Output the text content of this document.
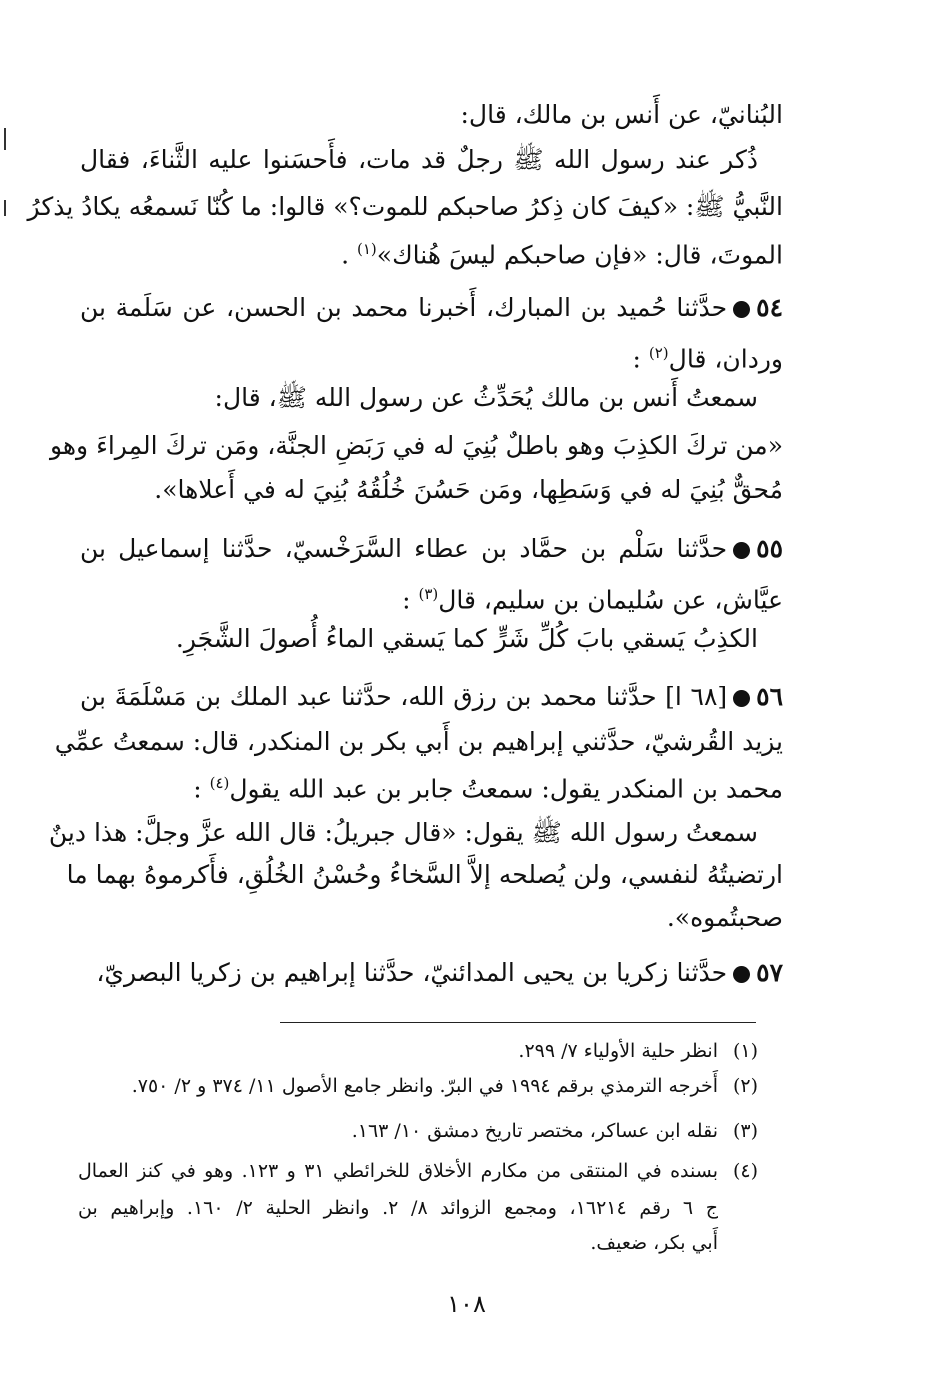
البُنانيّ، عن أَنس بن مالك، قال:
ذُكر عند رسول الله ﷺ رجلٌ قد مات، فأَحسَنوا عليه الثَّناءَ، فقال
النَّبيُّ ﷺ: «كيفَ كان ذِكرُ صاحبكم للموت؟» قالوا: ما كُنّا نَسمعُه يكادُ يذكرُ
الموتَ، قال: «فإن صاحبكم ليسَ هُناك»$^{(١)}$ .
٥٤حدَّثنا حُميد بن المبارك، أَخبرنا محمد بن الحسن، عن سَلَمة بن
وردان، قال$^{(٢)}$ :
سمعتُ أَنس بن مالك يُحَدِّثُ عن رسول الله ﷺ، قال:
«من تركَ الكذِبَ وهو باطلٌ بُنِيَ له في رَبَضِ الجنَّة، ومَن تركَ المِراءَ وهو
مُحقٌّ بُنِيَ له في وَسَطِها، ومَن حَسُنَ خُلُقُهُ بُنِيَ له في أَعلاها».
٥٥حدَّثنا سَلْم بن حمَّاد بن عطاء السَّرَخْسيّ، حدَّثنا إسماعيل بن
عيَّاش، عن سُليمان بن سليم، قال$^{(٣)}$ :
الكذِبُ يَسقي بابَ كُلِّ شَرٍّ كما يَسقي الماءُ أُصولَ الشَّجَرِ.
٥٦[٦٨ ا] حدَّثنا محمد بن رزق الله، حدَّثنا عبد الملك بن مَسْلَمَةَ بن
يزيد القُرشيّ، حدَّثني إبراهيم بن أَبي بكر بن المنكدر، قال: سمعتُ عمِّي
محمد بن المنكدر يقول: سمعتُ جابر بن عبد الله يقول$^{(٤)}$ :
سمعتُ رسول الله ﷺ يقول: «قال جبريلُ: قال الله عزَّ وجلَّ: هذا دينٌ
ارتضيتُهُ لنفسي، ولن يُصلحه إلاَّ السَّخاءُ وحُسْنُ الخُلُقِ، فأَكرموهُ بهما ما
صحبتُموه».
٥٧حدَّثنا زكريا بن يحيى المدائنيّ، حدَّثنا إبراهيم بن زكريا البصريّ،
(١)انظر حلية الأولياء ٧/ ٢٩٩.
(٢)أَخرجه الترمذي برقم ١٩٩٤ في البرّ. وانظر جامع الأصول ١١/ ٣٧٤ و ٢/ ٧٥٠.
(٣)نقله ابن عساكر، مختصر تاريخ دمشق ١٠/ ١٦٣.
(٤)بسنده في المنتقى من مكارم الأخلاق للخرائطي ٣١ و ١٢٣. وهو في كنز العمال
ج ٦ رقم ١٦٢١٤، ومجمع الزوائد ٨/ ٢. وانظر الحلية ٢/ ١٦٠. وإبراهيم بن
أَبي بكر، ضعيف.
١٠٨
